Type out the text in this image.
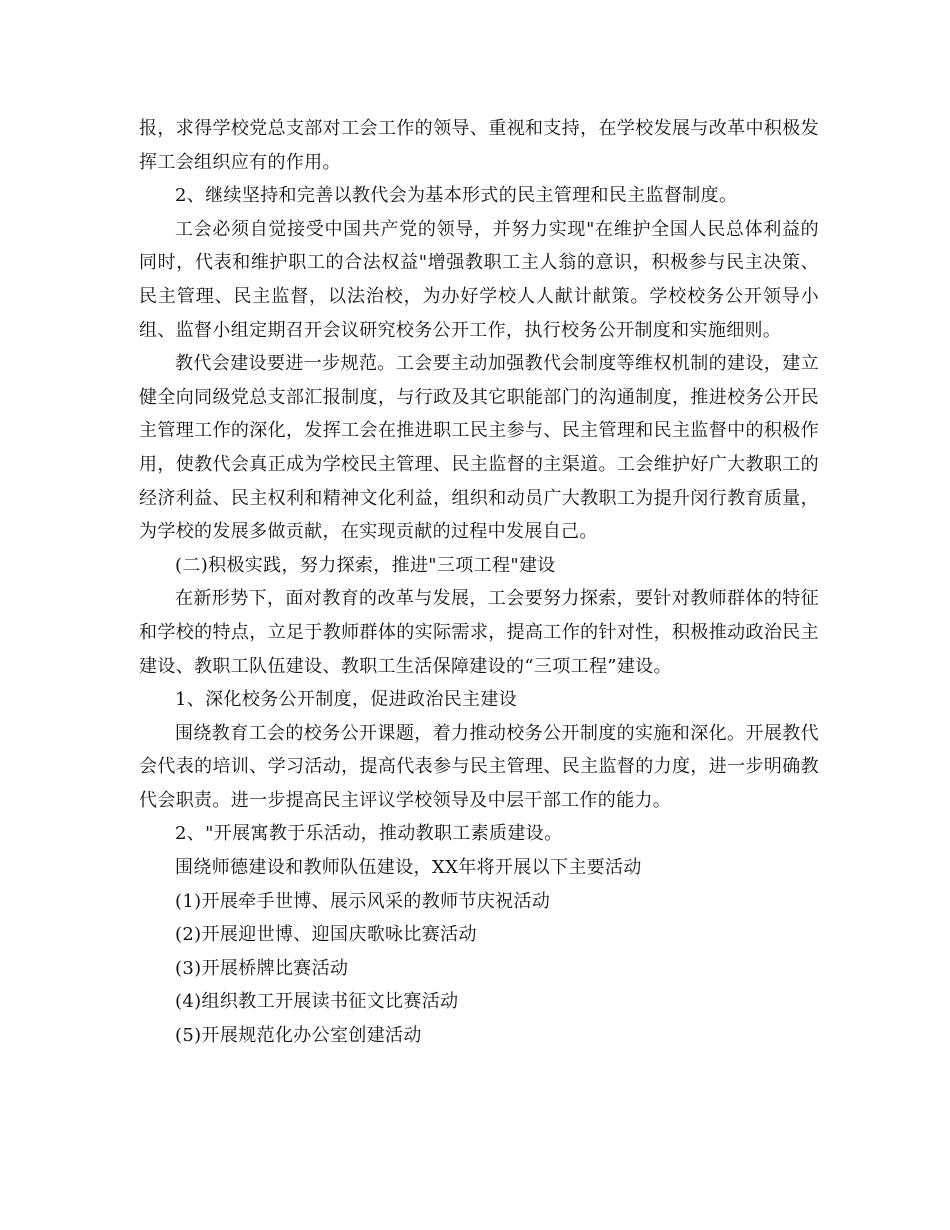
报，求得学校党总支部对工会工作的领导、重视和支持，在学校发展与改革中积极发挥工会组织应有的作用。

2、继续坚持和完善以教代会为基本形式的民主管理和民主监督制度。

工会必须自觉接受中国共产党的领导，并努力实现"在维护全国人民总体利益的同时，代表和维护职工的合法权益"增强教职工主人翁的意识，积极参与民主决策、民主管理、民主监督，以法治校，为办好学校人人献计献策。学校校务公开领导小组、监督小组定期召开会议研究校务公开工作，执行校务公开制度和实施细则。

教代会建设要进一步规范。工会要主动加强教代会制度等维权机制的建设，建立健全向同级党总支部汇报制度，与行政及其它职能部门的沟通制度，推进校务公开民主管理工作的深化，发挥工会在推进职工民主参与、民主管理和民主监督中的积极作用，使教代会真正成为学校民主管理、民主监督的主渠道。工会维护好广大教职工的经济利益、民主权利和精神文化利益，组织和动员广大教职工为提升闵行教育质量，为学校的发展多做贡献，在实现贡献的过程中发展自己。

(二)积极实践，努力探索，推进"三项工程"建设

在新形势下，面对教育的改革与发展，工会要努力探索，要针对教师群体的特征和学校的特点，立足于教师群体的实际需求，提高工作的针对性，积极推动政治民主建设、教职工队伍建设、教职工生活保障建设的“三项工程”建设。

1、深化校务公开制度，促进政治民主建设

围绕教育工会的校务公开课题，着力推动校务公开制度的实施和深化。开展教代会代表的培训、学习活动，提高代表参与民主管理、民主监督的力度，进一步明确教代会职责。进一步提高民主评议学校领导及中层干部工作的能力。

2、"开展寓教于乐活动，推动教职工素质建设。

围绕师德建设和教师队伍建设，XX年将开展以下主要活动

(1)开展牵手世博、展示风采的教师节庆祝活动

(2)开展迎世博、迎国庆歌咏比赛活动

(3)开展桥牌比赛活动

(4)组织教工开展读书征文比赛活动

(5)开展规范化办公室创建活动
